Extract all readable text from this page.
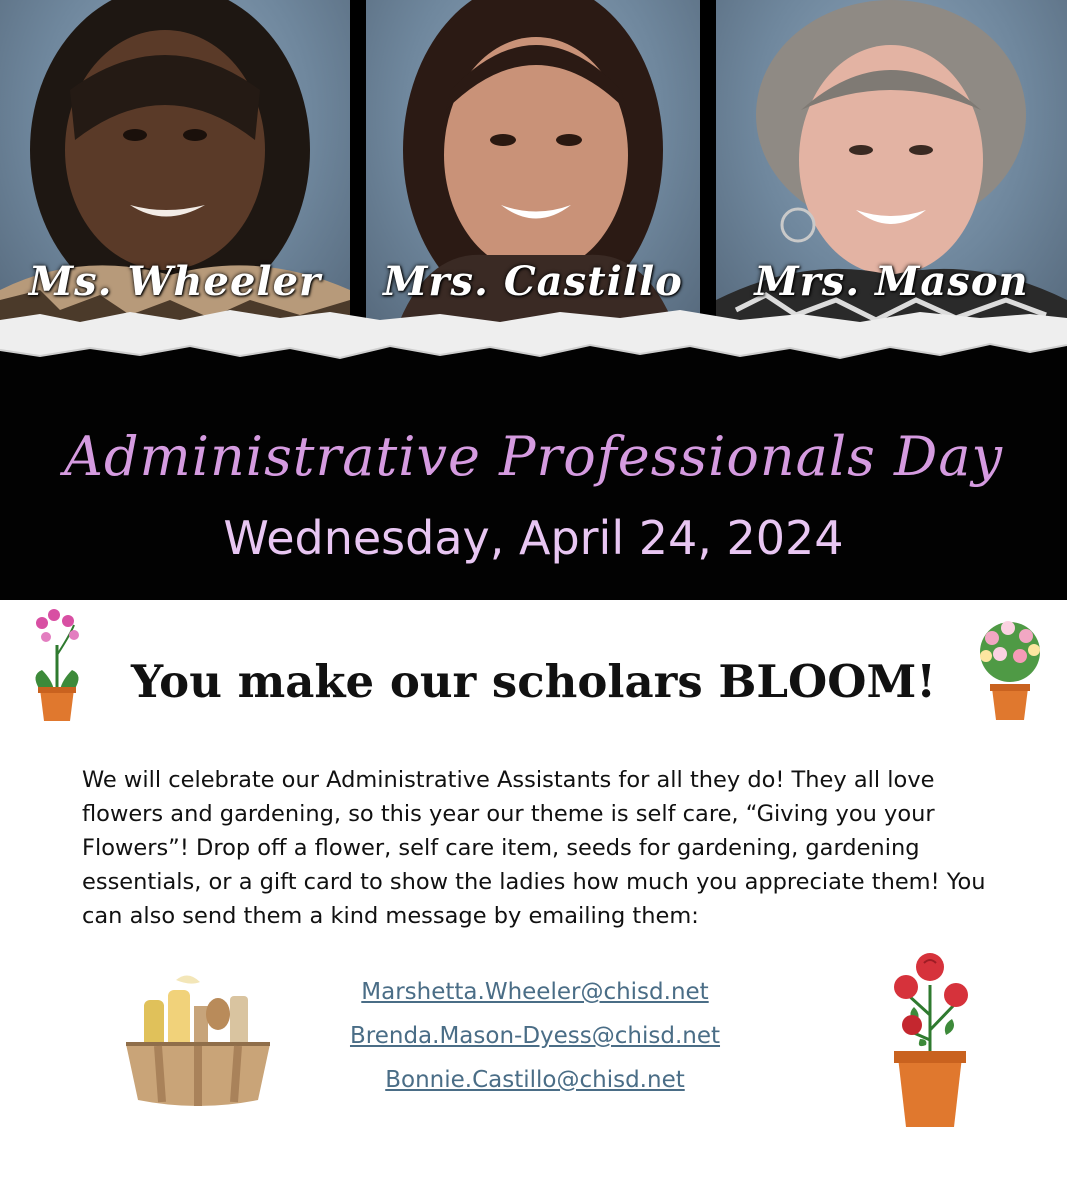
Ms. Wheeler	Mrs. Castillo	Mrs. Mason
Administrative Professionals Day
Wednesday, April 24, 2024
You make our scholars BLOOM!
We will celebrate our Administrative Assistants for all they do! They all love flowers and gardening, so this year our theme is self care, “Giving you your Flowers”! Drop off a flower, self care item, seeds for gardening, gardening essentials, or a gift card to show the ladies how much you appreciate them! You can also send them a kind message by emailing them:
Marshetta.Wheeler@chisd.net
Brenda.Mason-Dyess@chisd.net
Bonnie.Castillo@chisd.net
